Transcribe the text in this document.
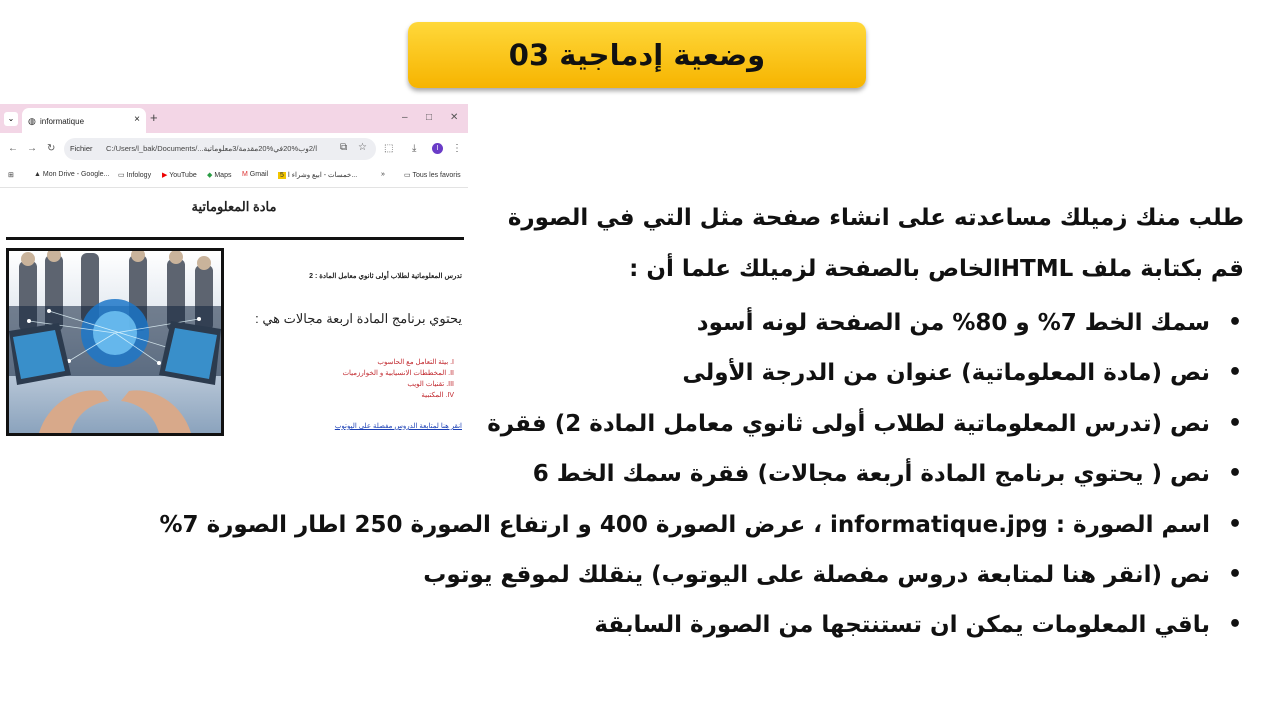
وضعية إدماجية 03
⌄	◍ informatique	× +	– □ ✕
← → ↻ Fichier C:/Users/l_bak/Documents/...ا/2وب%20في%20مقدمة/3معلوماتية ⧉ ☆ ⬚ ⤓	I	⋮
⊞	▲ Mon Drive - Google... ▭ Infology ▶ YouTube ◆ Maps M Gmail 5 خمسات - ابيع وشراء ا...	»	▭ Tous les favoris
مادة المعلوماتية
تدرس المعلوماتية لطلاب أولى ثانوي معامل المادة : 2
يحتوي برنامج المادة اربعة مجالات هي :
I. بيئة التعامل مع الحاسوب
II. المخططات الانسيابية و الخوارزميات
III. تقنيات الويب
IV. المكتبية
انقر هنا لمتابعة الدروس مفصلة على اليوتوب
طلب منك زميلك مساعدته على انشاء صفحة مثل التي في الصورة
قم بكتابة ملف HTMLالخاص بالصفحة لزميلك علما أن :
• سمك الخط 7% و 80% من الصفحة لونه أسود
• نص (مادة المعلوماتية) عنوان من الدرجة الأولى
• نص (تدرس المعلوماتية لطلاب أولى ثانوي معامل المادة 2) فقرة
• نص ( يحتوي برنامج المادة أربعة مجالات) فقرة سمك الخط 6
• اسم الصورة : informatique.jpg ، عرض الصورة 400 و ارتفاع الصورة 250 اطار الصورة 7%
• نص (انقر هنا لمتابعة دروس مفصلة على اليوتوب) ينقلك لموقع يوتوب
• باقي المعلومات يمكن ان تستنتجها من الصورة السابقة
